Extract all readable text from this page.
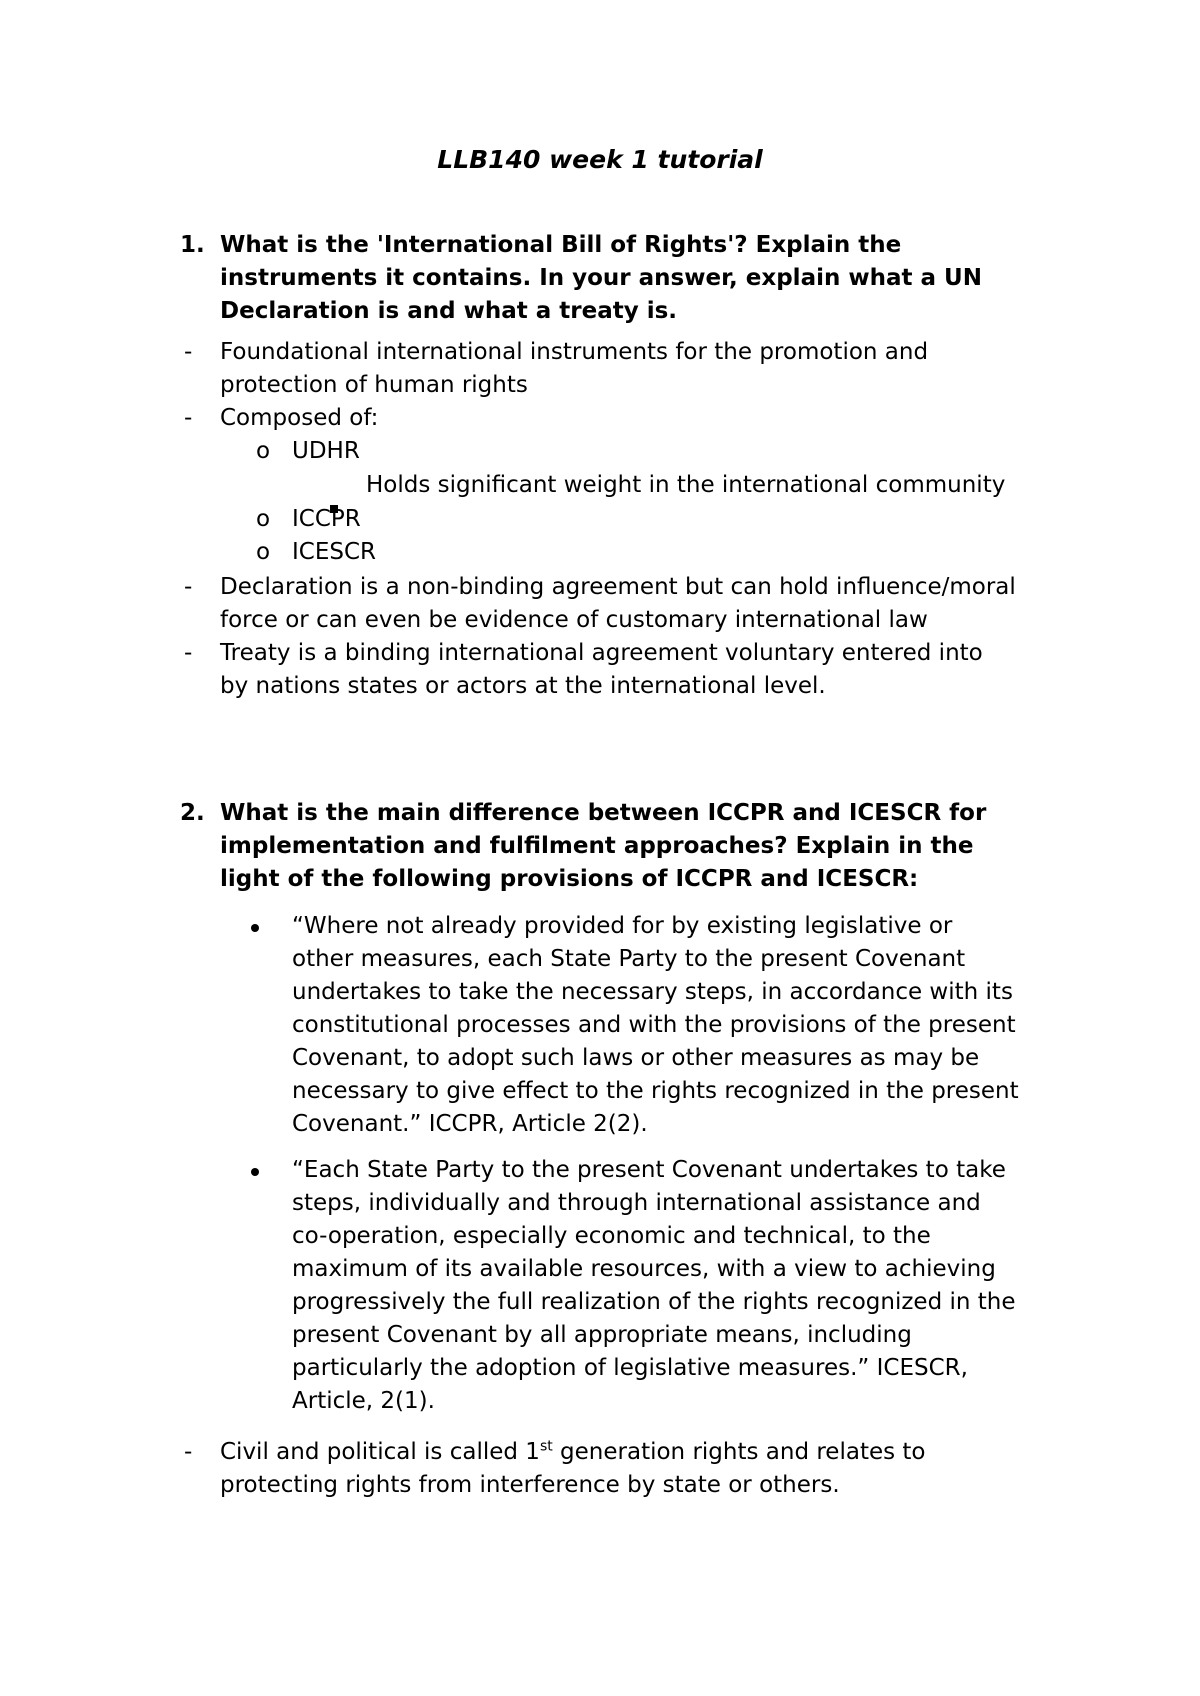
LLB140 week 1 tutorial
1. What is the 'International Bill of Rights'? Explain the
instruments it contains. In your answer, explain what a UN
Declaration is and what a treaty is.
- Foundational international instruments for the promotion and
protection of human rights
- Composed of:
o UDHR
Holds significant weight in the international community
o ICCPR
o ICESCR
- Declaration is a non-binding agreement but can hold influence/moral
force or can even be evidence of customary international law
- Treaty is a binding international agreement voluntary entered into
by nations states or actors at the international level.
2. What is the main difference between ICCPR and ICESCR for
implementation and fulfilment approaches? Explain in the
light of the following provisions of ICCPR and ICESCR:
“Where not already provided for by existing legislative or
other measures, each State Party to the present Covenant
undertakes to take the necessary steps, in accordance with its
constitutional processes and with the provisions of the present
Covenant, to adopt such laws or other measures as may be
necessary to give effect to the rights recognized in the present
Covenant.” ICCPR, Article 2(2).
“Each State Party to the present Covenant undertakes to take
steps, individually and through international assistance and
co-operation, especially economic and technical, to the
maximum of its available resources, with a view to achieving
progressively the full realization of the rights recognized in the
present Covenant by all appropriate means, including
particularly the adoption of legislative measures.” ICESCR,
Article, 2(1).
- Civil and political is called 1st generation rights and relates to
protecting rights from interference by state or others.
